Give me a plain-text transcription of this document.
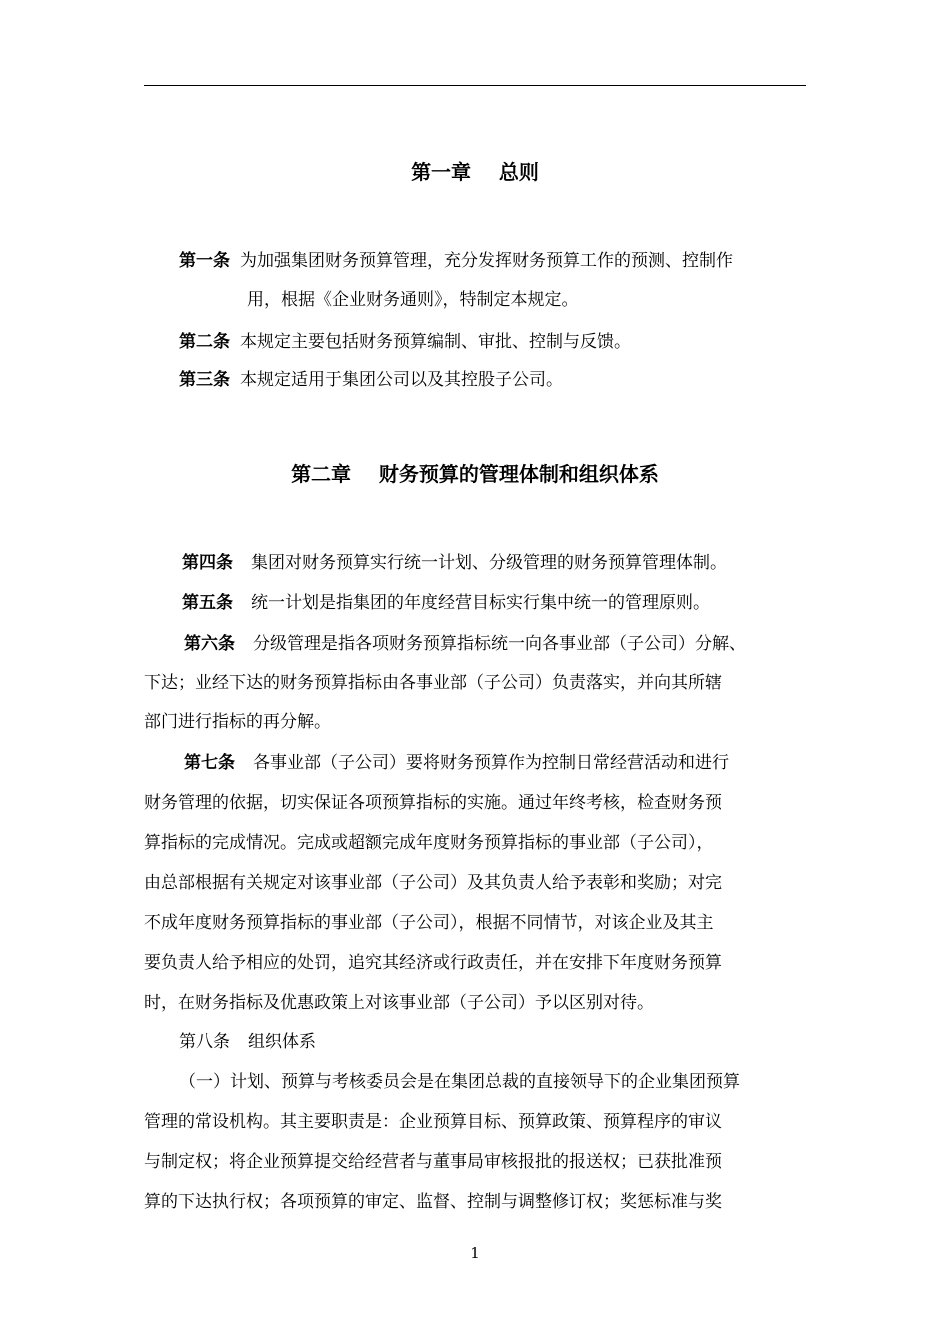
第一章    总则
第一条 为加强集团财务预算管理，充分发挥财务预算工作的预测、控制作
用，根据《企业财务通则》，特制定本规定。
第二条 本规定主要包括财务预算编制、审批、控制与反馈。
第三条 本规定适用于集团公司以及其控股子公司。
第二章    财务预算的管理体制和组织体系
第四条 集团对财务预算实行统一计划、分级管理的财务预算管理体制。
第五条 统一计划是指集团的年度经营目标实行集中统一的管理原则。
第六条 分级管理是指各项财务预算指标统一向各事业部（子公司）分解、
下达；业经下达的财务预算指标由各事业部（子公司）负责落实，并向其所辖
部门进行指标的再分解。
第七条 各事业部（子公司）要将财务预算作为控制日常经营活动和进行
财务管理的依据，切实保证各项预算指标的实施。通过年终考核，检查财务预
算指标的完成情况。完成或超额完成年度财务预算指标的事业部（子公司），
由总部根据有关规定对该事业部（子公司）及其负责人给予表彰和奖励；对完
不成年度财务预算指标的事业部（子公司），根据不同情节，对该企业及其主
要负责人给予相应的处罚，追究其经济或行政责任，并在安排下年度财务预算
时，在财务指标及优惠政策上对该事业部（子公司）予以区别对待。
第八条 组织体系
（一）计划、预算与考核委员会是在集团总裁的直接领导下的企业集团预算
管理的常设机构。其主要职责是：企业预算目标、预算政策、预算程序的审议
与制定权；将企业预算提交给经营者与董事局审核报批的报送权；已获批准预
算的下达执行权；各项预算的审定、监督、控制与调整修订权；奖惩标准与奖
1
